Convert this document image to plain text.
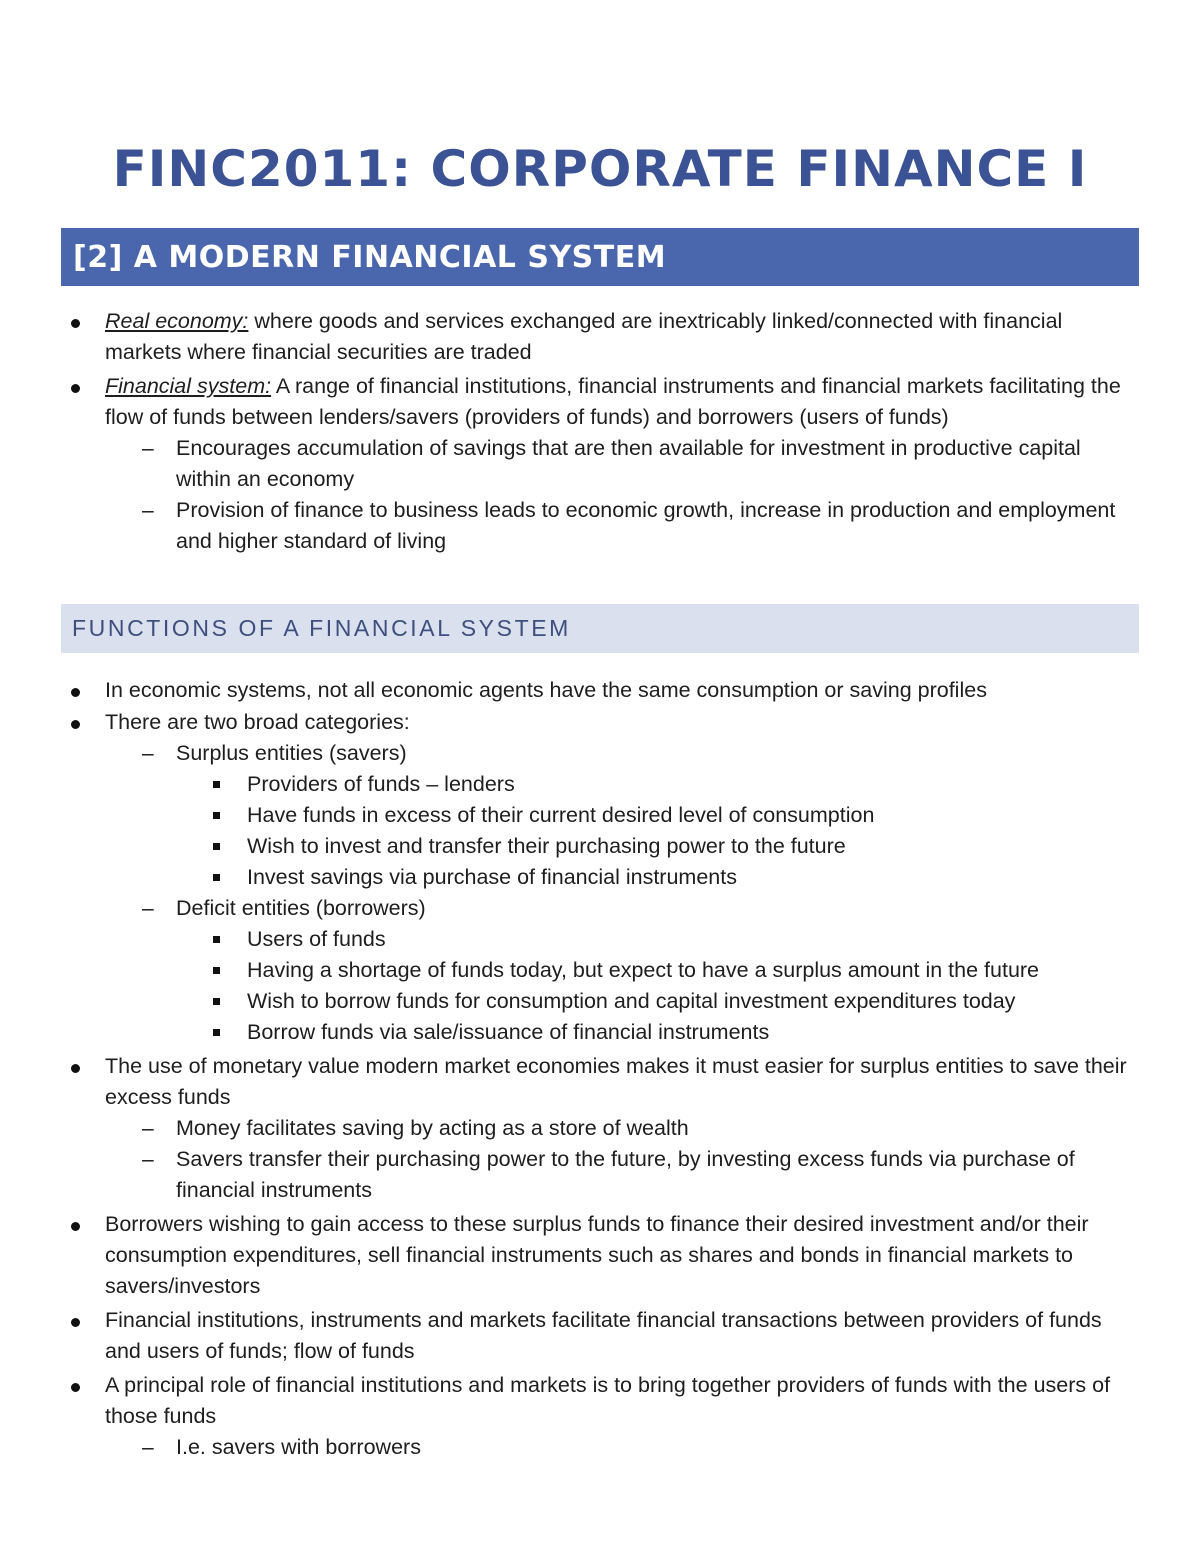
FINC2011: CORPORATE FINANCE I
[2] A MODERN FINANCIAL SYSTEM
Real economy: where goods and services exchanged are inextricably linked/connected with financial markets where financial securities are traded
Financial system: A range of financial institutions, financial instruments and financial markets facilitating the flow of funds between lenders/savers (providers of funds) and borrowers (users of funds)
– Encourages accumulation of savings that are then available for investment in productive capital within an economy
– Provision of finance to business leads to economic growth, increase in production and employment and higher standard of living
FUNCTIONS OF A FINANCIAL SYSTEM
In economic systems, not all economic agents have the same consumption or saving profiles
There are two broad categories:
– Surplus entities (savers)
Providers of funds – lenders
Have funds in excess of their current desired level of consumption
Wish to invest and transfer their purchasing power to the future
Invest savings via purchase of financial instruments
– Deficit entities (borrowers)
Users of funds
Having a shortage of funds today, but expect to have a surplus amount in the future
Wish to borrow funds for consumption and capital investment expenditures today
Borrow funds via sale/issuance of financial instruments
The use of monetary value modern market economies makes it must easier for surplus entities to save their excess funds
– Money facilitates saving by acting as a store of wealth
– Savers transfer their purchasing power to the future, by investing excess funds via purchase of financial instruments
Borrowers wishing to gain access to these surplus funds to finance their desired investment and/or their consumption expenditures, sell financial instruments such as shares and bonds in financial markets to savers/investors
Financial institutions, instruments and markets facilitate financial transactions between providers of funds and users of funds; flow of funds
A principal role of financial institutions and markets is to bring together providers of funds with the users of those funds
– I.e. savers with borrowers
